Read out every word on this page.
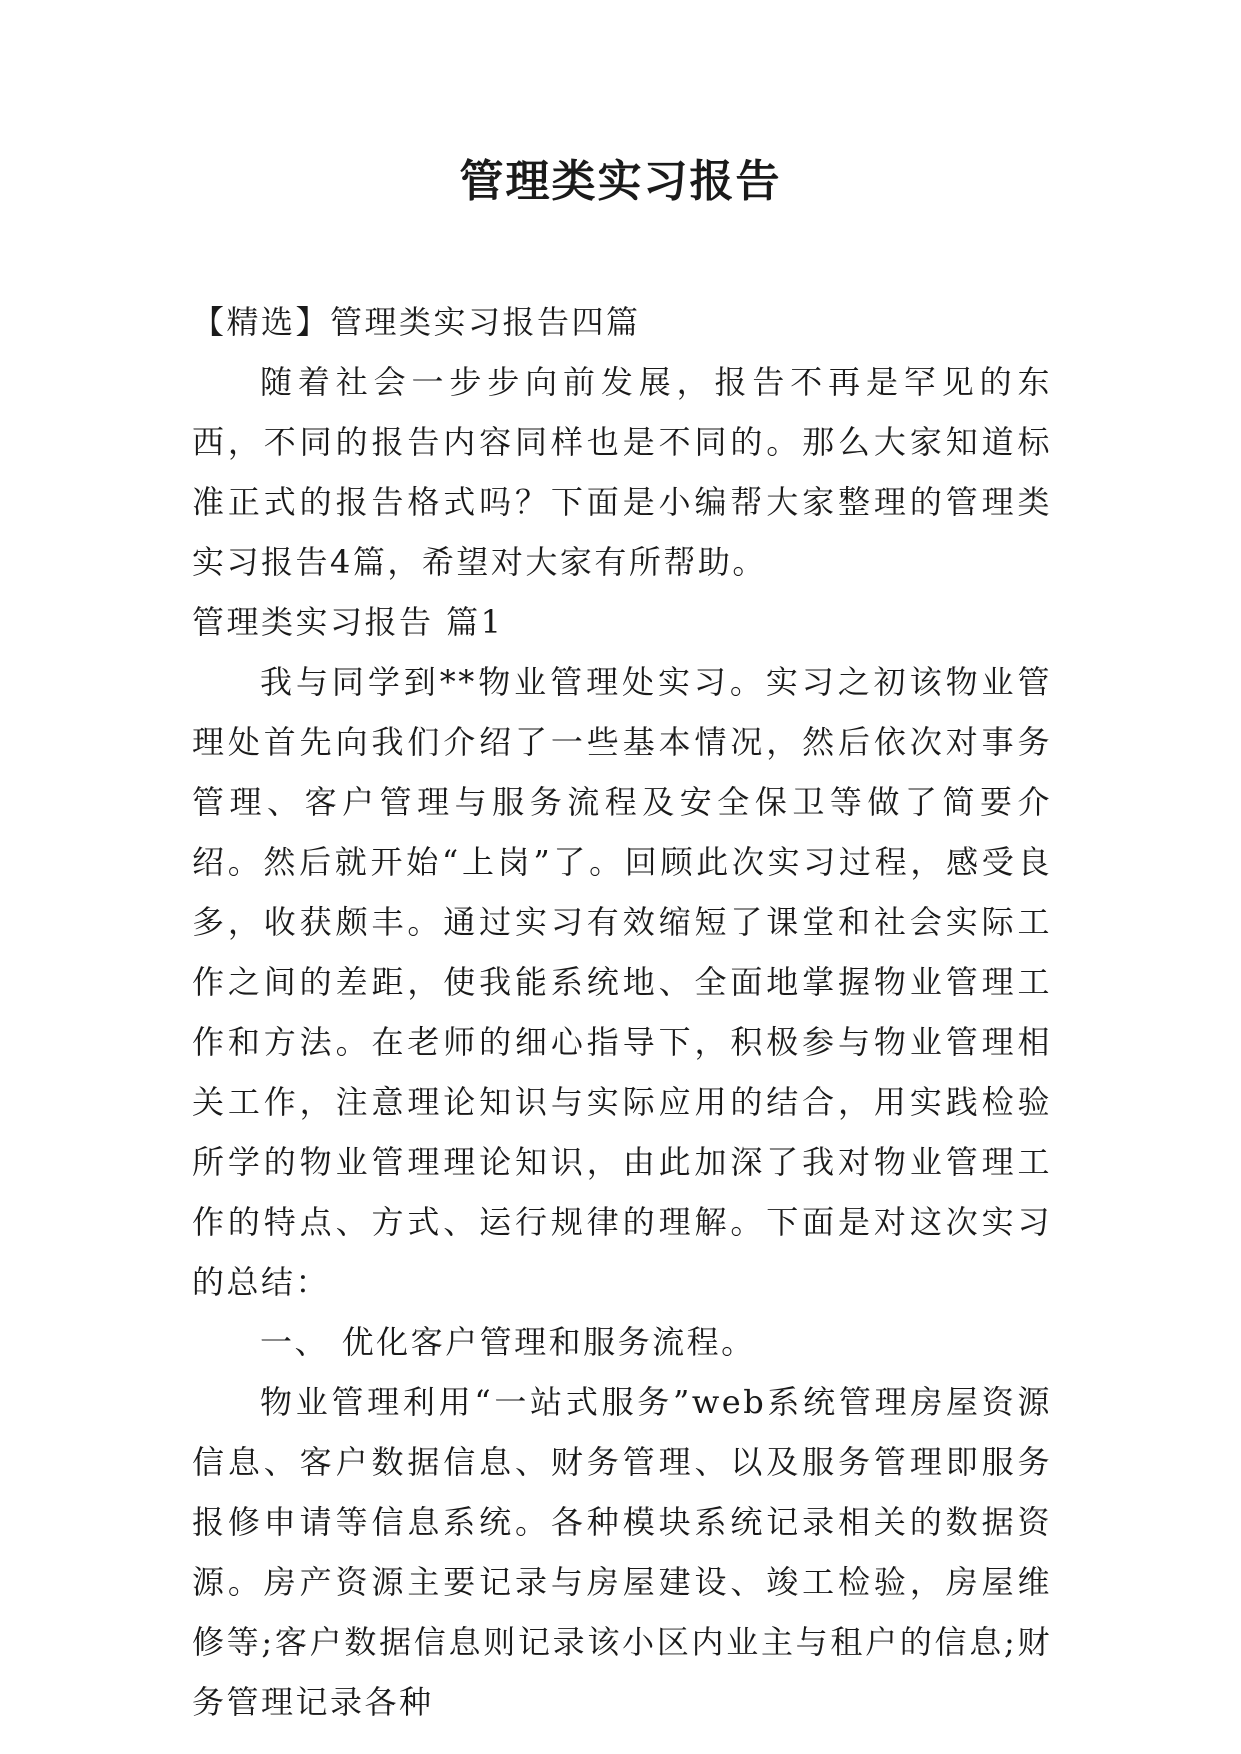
管理类实习报告

【精选】管理类实习报告四篇

随着社会一步步向前发展，报告不再是罕见的东西，不同的报告内容同样也是不同的。那么大家知道标准正式的报告格式吗？下面是小编帮大家整理的管理类实习报告4篇，希望对大家有所帮助。

管理类实习报告 篇1

我与同学到**物业管理处实习。实习之初该物业管理处首先向我们介绍了一些基本情况，然后依次对事务管理、客户管理与服务流程及安全保卫等做了简要介绍。然后就开始“上岗”了。回顾此次实习过程，感受良多，收获颇丰。通过实习有效缩短了课堂和社会实际工作之间的差距，使我能系统地、全面地掌握物业管理工作和方法。在老师的细心指导下，积极参与物业管理相关工作，注意理论知识与实际应用的结合，用实践检验所学的物业管理理论知识，由此加深了我对物业管理工作的特点、方式、运行规律的理解。下面是对这次实习的总结：

一、 优化客户管理和服务流程。

物业管理利用“一站式服务”web系统管理房屋资源信息、客户数据信息、财务管理、以及服务管理即服务报修申请等信息系统。各种模块系统记录相关的数据资源。房产资源主要记录与房屋建设、竣工检验，房屋维修等;客户数据信息则记录该小区内业主与租户的信息;财务管理记录各种
